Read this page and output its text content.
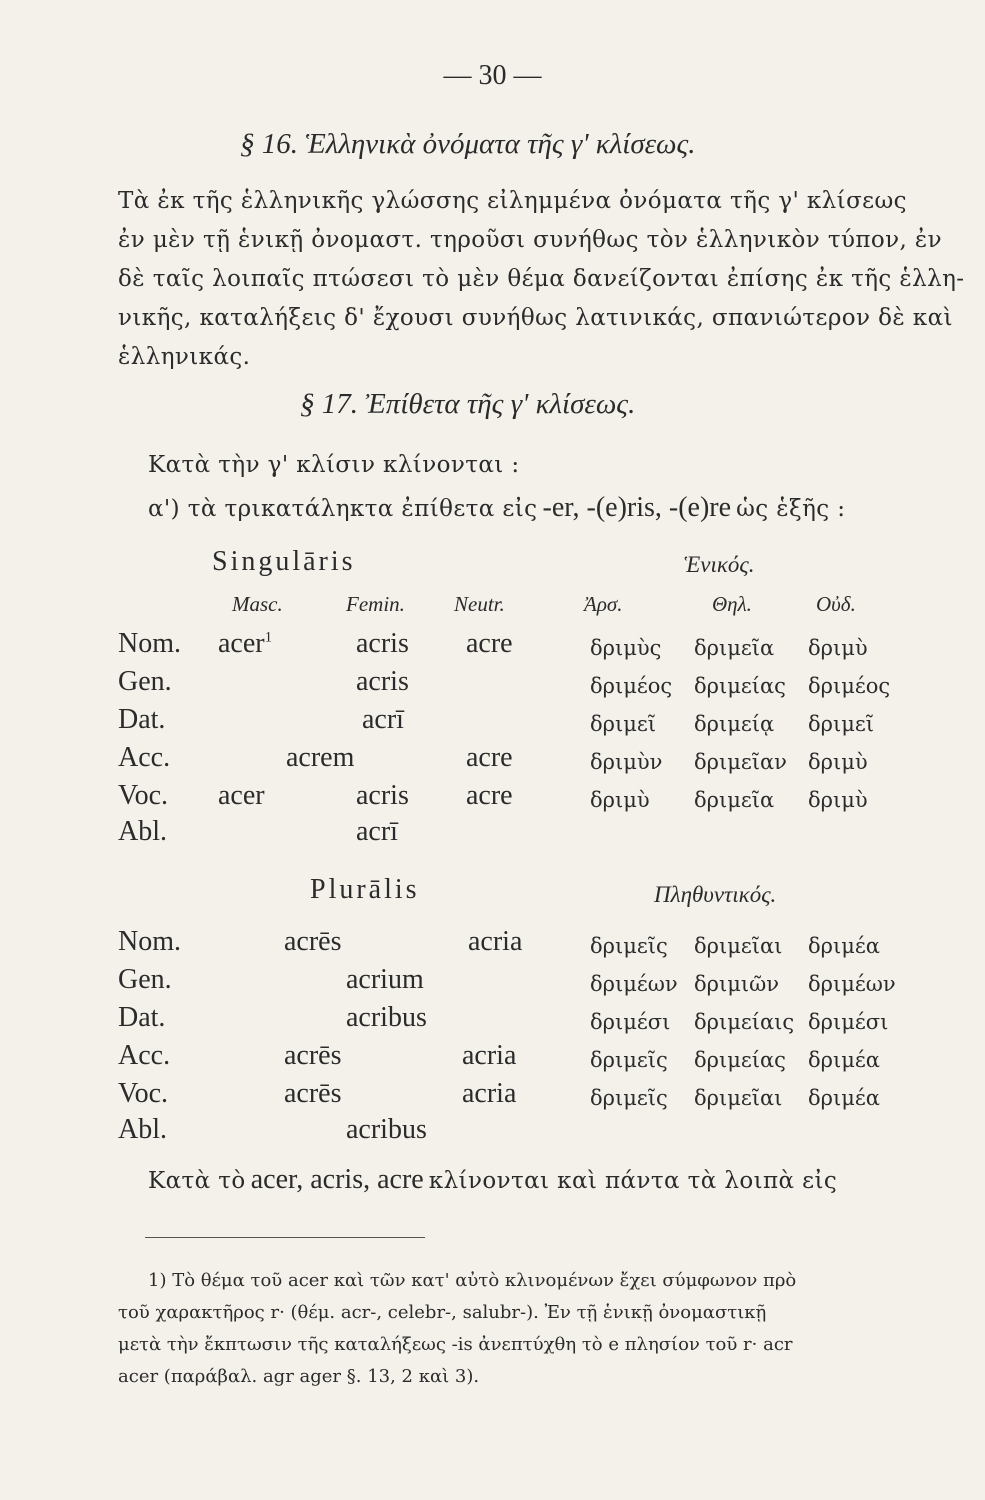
— 30 —
§ 16. Ἑλληνικὰ ὀνόματα τῆς γ' κλίσεως.
Τὰ ἐκ τῆς ἑλληνικῆς γλώσσης εἰλημμένα ὀνόματα τῆς γ' κλίσεως
ἐν μὲν τῇ ἑνικῇ ὀνομαστ. τηροῦσι συνήθως τὸν ἑλληνικὸν τύπον, ἐν
δὲ ταῖς λοιπαῖς πτώσεσι τὸ μὲν θέμα δανείζονται ἐπίσης ἐκ τῆς ἑλλη-
νικῆς, καταλήξεις δ' ἔχουσι συνήθως λατινικάς, σπανιώτερον δὲ καὶ
ἑλληνικάς.
§ 17. Ἐπίθετα τῆς γ' κλίσεως.
Κατὰ τὴν γ' κλίσιν κλίνονται :
α') τὰ τρικατάληκτα ἐπίθετα εἰς -er, -(e)ris, -(e)re ὡς ἑξῆς :
Singulāris	Ἑνικός.
Masc.	Femin. Neutr.	Ἀρσ.	Θηλ.	Οὐδ.
Nom. acer$^1$	acris acre	δριμὺς δριμεῖα δριμὺ
Gen.	acris	δριμέος δριμείας δριμέος
Dat.	acrī	δριμεῖ δριμείᾳ δριμεῖ
Acc.	acrem	acre	δριμὺν δριμεῖαν δριμὺ
Voc. acer	acris acre	δριμὺ δριμεῖα δριμὺ
Abl.	acrī
Plurālis	Πληθυντικός.
Nom.	acrēs	acria	δριμεῖς δριμεῖαι δριμέα
Gen.	acrium	δριμέων δριμιῶν δριμέων
Dat.	acribus	δριμέσι δριμείαις δριμέσι
Acc.	acrēs	acria	δριμεῖς δριμείας δριμέα
Voc.	acrēs	acria	δριμεῖς δριμεῖαι δριμέα
Abl.	acribus
Κατὰ τὸ acer, acris, acre κλίνονται καὶ πάντα τὰ λοιπὰ εἰς
1) Τὸ θέμα τοῦ acer καὶ τῶν κατ' αὐτὸ κλινομένων ἔχει σύμφωνον πρὸ
τοῦ χαρακτῆρος r· (θέμ. acr-, celebr-, salubr-). Ἐν τῇ ἑνικῇ ὀνομαστικῇ
μετὰ τὴν ἔκπτωσιν τῆς καταλήξεως -is ἀνεπτύχθη τὸ e πλησίον τοῦ r· acr
acer (παράβαλ. agr ager §. 13, 2 καὶ 3).
